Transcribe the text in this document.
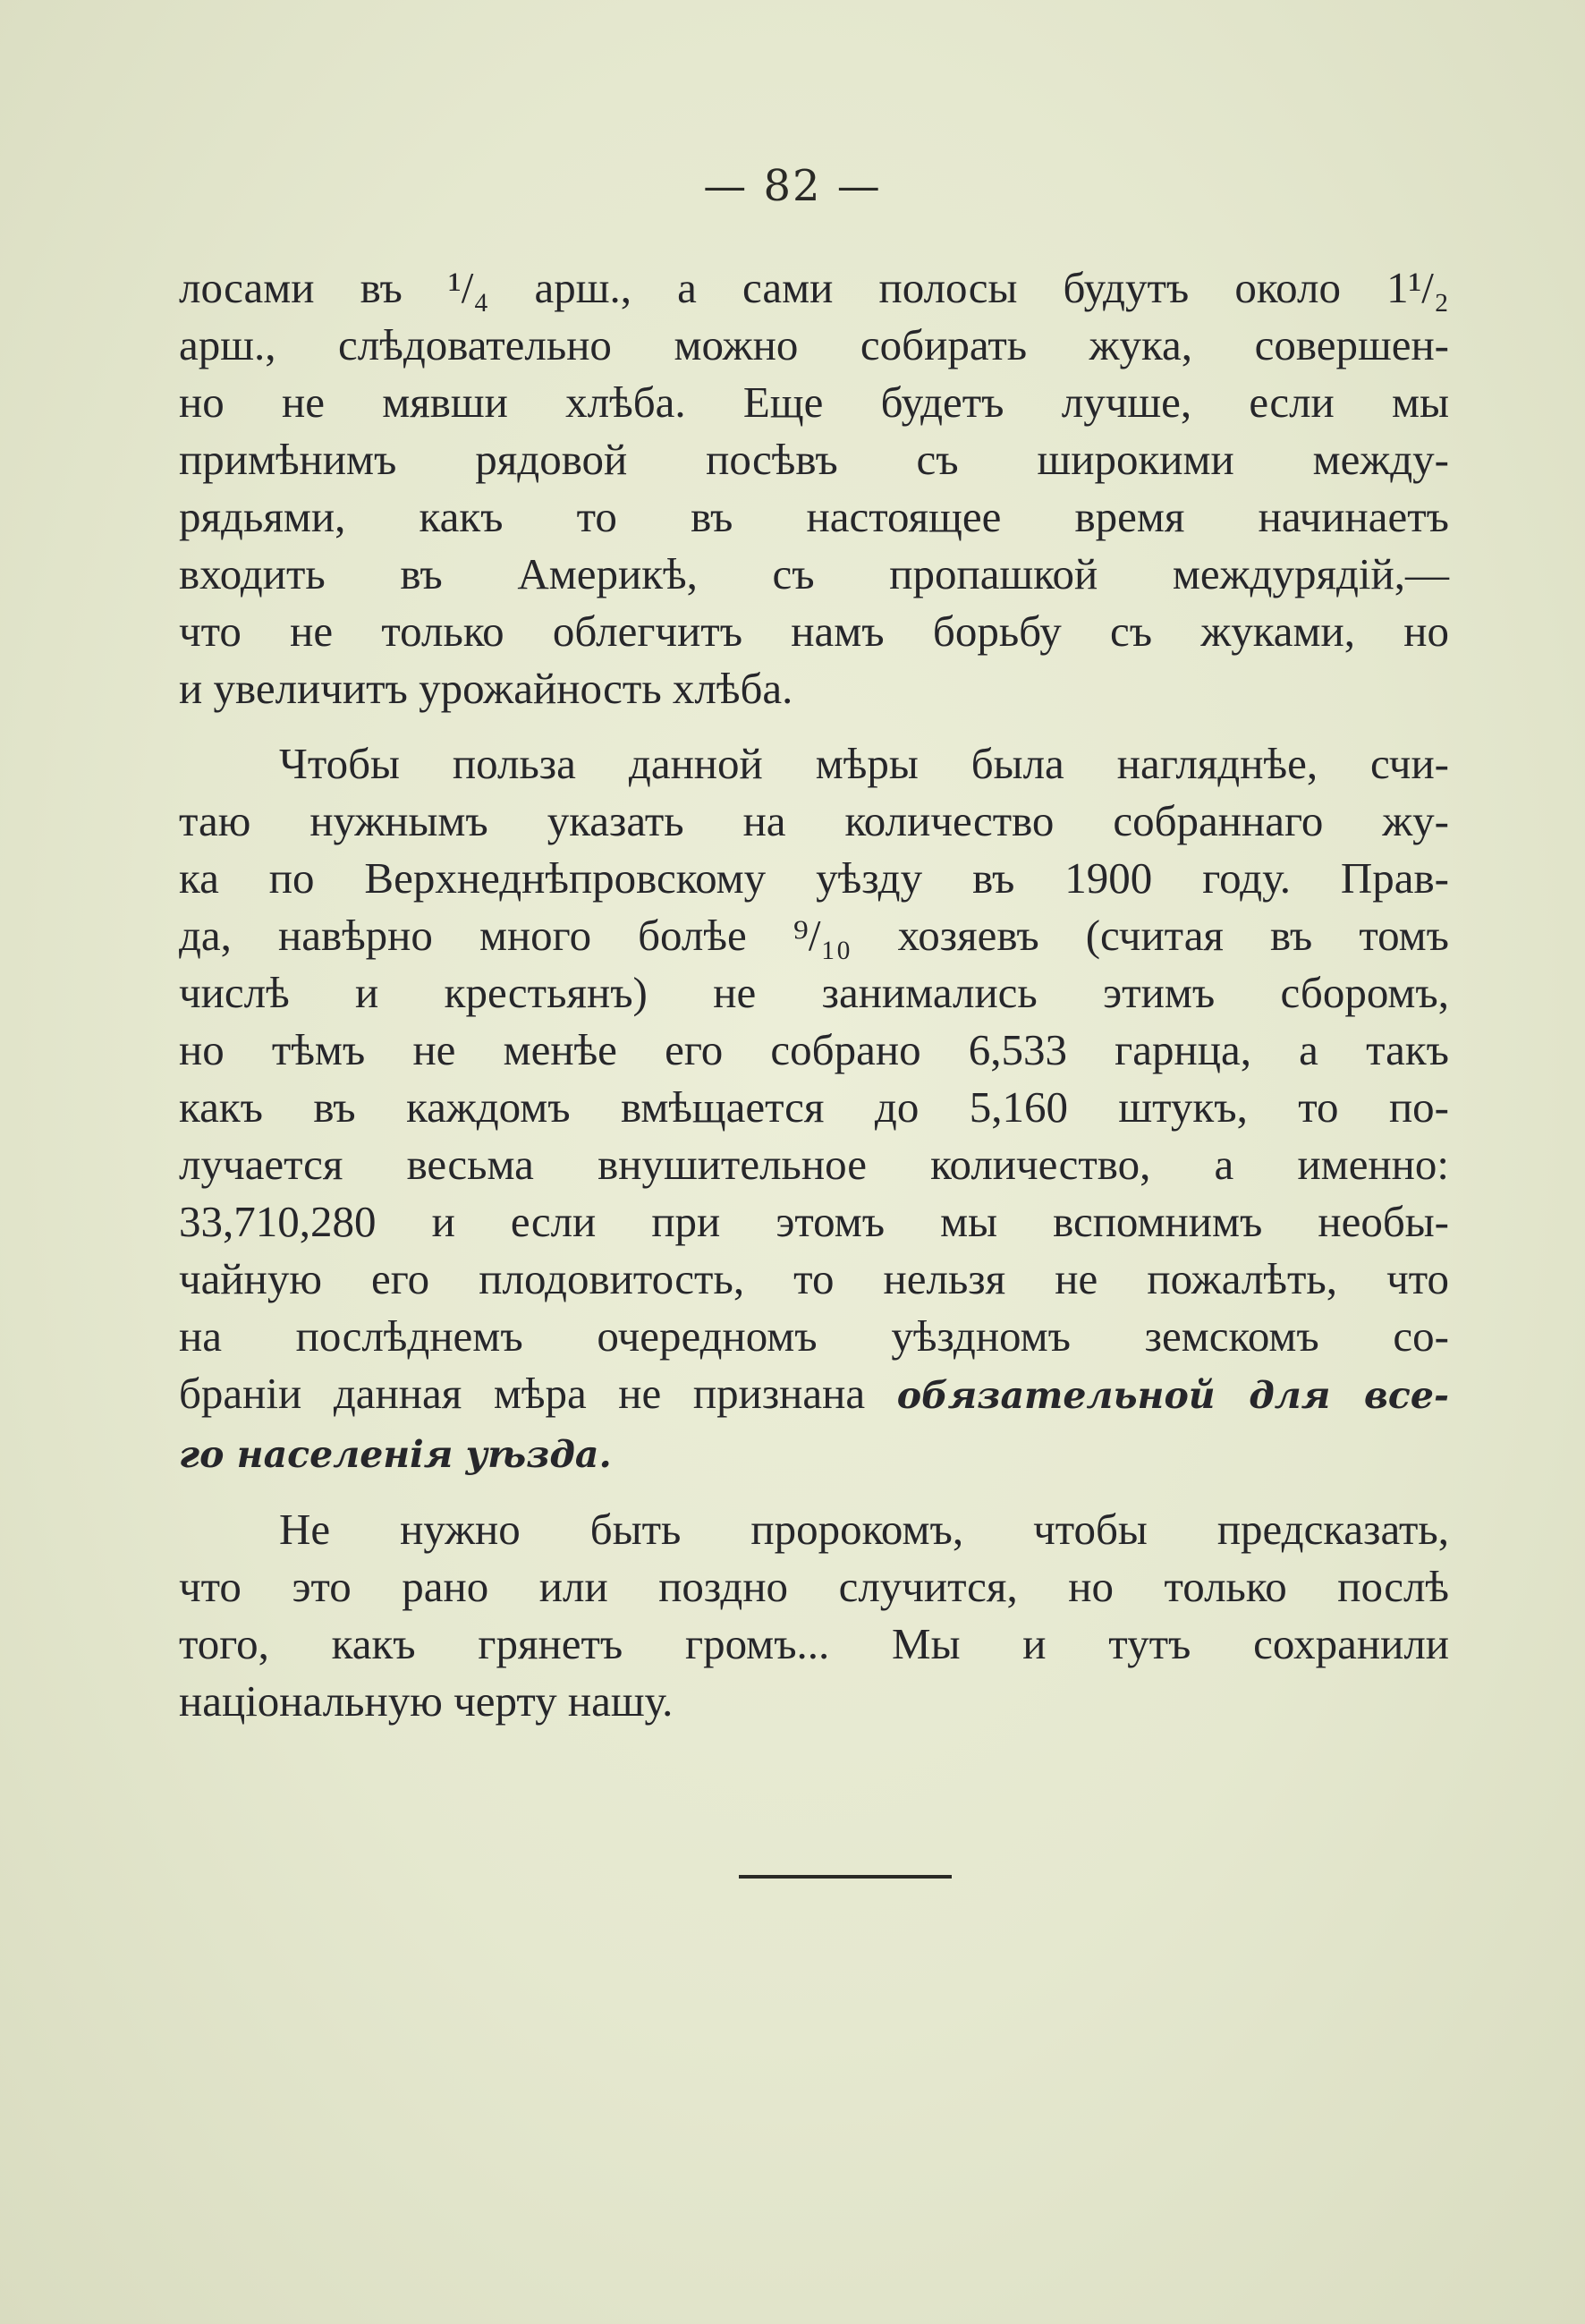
— 82 —
лосами въ ¹/₄ арш., а сами полосы будутъ около 1¹/₂
арш., слѣдовательно можно собирать жука, совершен-
но не мявши хлѣба. Еще будетъ лучше, если мы
примѣнимъ рядовой посѣвъ съ широкими между-
рядьями, какъ то въ настоящее время начинаетъ
входить въ Америкѣ, съ пропашкой междурядій,—
что не только облегчитъ намъ борьбу съ жуками, но
и увеличитъ урожайность хлѣба.
Чтобы польза данной мѣры была нагляднѣе, счи-
таю нужнымъ указать на количество собраннаго жу-
ка по Верхнеднѣпровскому уѣзду въ 1900 году. Прав-
да, навѣрно много болѣе ⁹/₁₀ хозяевъ (считая въ томъ
числѣ и крестьянъ) не занимались этимъ сборомъ,
но тѣмъ не менѣе его собрано 6,533 гарнца, а такъ
какъ въ каждомъ вмѣщается до 5,160 штукъ, то по-
лучается весьма внушительное количество, а именно:
33,710,280 и если при этомъ мы вспомнимъ необы-
чайную его плодовитость, то нельзя не пожалѣть, что
на послѣднемъ очередномъ уѣздномъ земскомъ со-
браніи данная мѣра не признана обязательной для все-
го населенія уѣзда.
Не нужно быть пророкомъ, чтобы предсказать,
что это рано или поздно случится, но только послѣ
того, какъ грянетъ громъ... Мы и тутъ сохранили
національную черту нашу.
